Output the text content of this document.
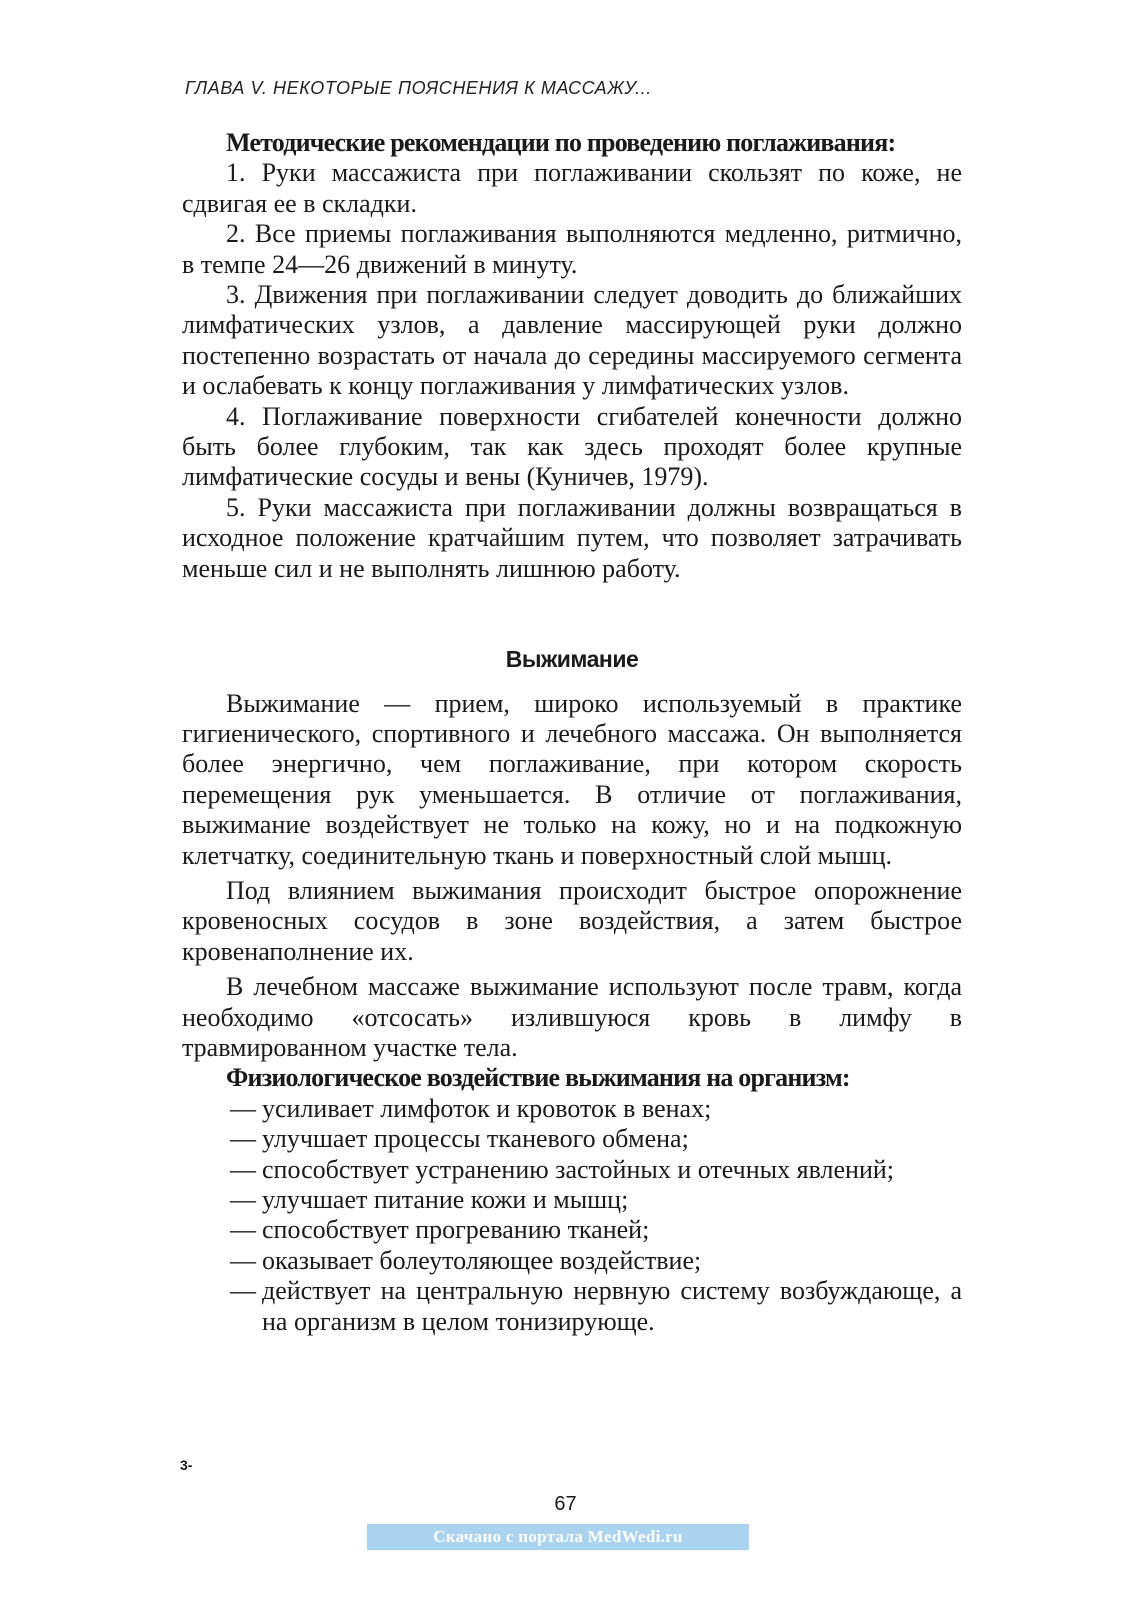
ГЛАВА V. НЕКОТОРЫЕ ПОЯСНЕНИЯ К МАССАЖУ...
Методические рекомендации по проведению поглаживания:

1. Руки массажиста при поглаживании скользят по коже, не сдвигая ее в складки.

2. Все приемы поглаживания выполняются медленно, ритмично, в темпе 24—26 движений в минуту.

3. Движения при поглаживании следует доводить до ближайших лимфатических узлов, а давление массирующей руки должно постепенно возрастать от начала до середины массируемого сегмента и ослабевать к концу поглаживания у лимфатических узлов.

4. Поглаживание поверхности сгибателей конечности должно быть более глубоким, так как здесь проходят более крупные лимфатические сосуды и вены (Куничев, 1979).

5. Руки массажиста при поглаживании должны возвращаться в исходное положение кратчайшим путем, что позволяет затрачивать меньше сил и не выполнять лишнюю работу.

Выжимание

Выжимание — прием, широко используемый в практике гигиенического, спортивного и лечебного массажа. Он выполняется более энергично, чем поглаживание, при котором скорость перемещения рук уменьшается. В отличие от поглаживания, выжимание воздействует не только на кожу, но и на подкожную клетчатку, соединительную ткань и поверхностный слой мышц.

Под влиянием выжимания происходит быстрое опорожнение кровеносных сосудов в зоне воздействия, а затем быстрое кровенаполнение их.

В лечебном массаже выжимание используют после травм, когда необходимо «отсосать» излившуюся кровь в лимфу в травмированном участке тела.

Физиологическое воздействие выжимания на организм:
— усиливает лимфоток и кровоток в венах;
— улучшает процессы тканевого обмена;
— способствует устранению застойных и отечных явлений;
— улучшает питание кожи и мышц;
— способствует прогреванию тканей;
— оказывает болеутоляющее воздействие;
— действует на центральную нервную систему возбуждающе, а на организм в целом тонизирующе.
3-
67
Скачано с портала MedWedi.ru
